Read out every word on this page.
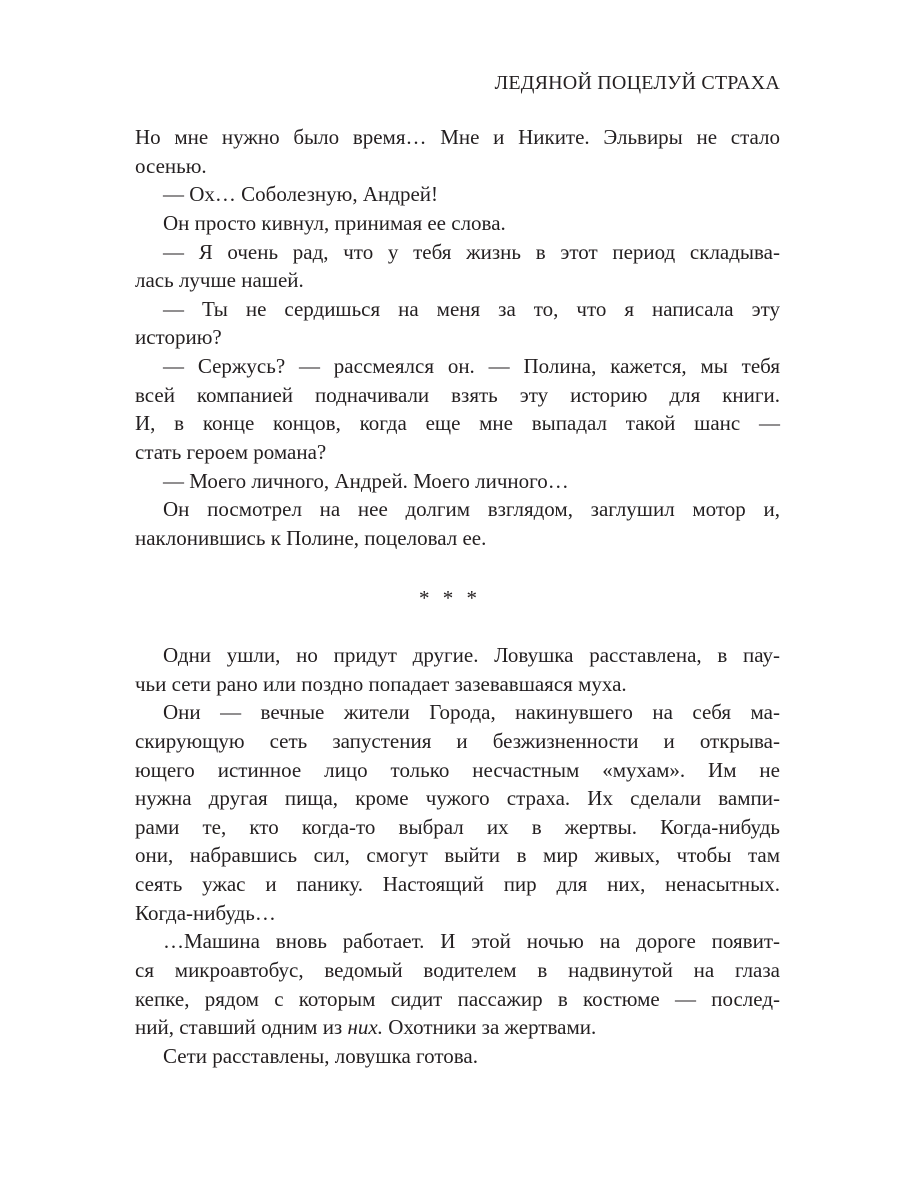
ЛЕДЯНОЙ ПОЦЕЛУЙ СТРАХА
Но мне нужно было время… Мне и Никите. Эльвиры не стало
осенью.
— Ох… Соболезную, Андрей!
Он просто кивнул, принимая ее слова.
— Я очень рад, что у тебя жизнь в этот период складыва-
лась лучше нашей.
— Ты не сердишься на меня за то, что я написала эту
историю?
— Сержусь? — рассмеялся он. — Полина, кажется, мы тебя
всей компанией подначивали взять эту историю для книги.
И, в конце концов, когда еще мне выпадал такой шанс —
стать героем романа?
— Моего личного, Андрей. Моего личного…
Он посмотрел на нее долгим взглядом, заглушил мотор и,
наклонившись к Полине, поцеловал ее.
* * *
Одни ушли, но придут другие. Ловушка расставлена, в пау-
чьи сети рано или поздно попадает зазевавшаяся муха.
Они — вечные жители Города, накинувшего на себя ма-
скирующую сеть запустения и безжизненности и открыва-
ющего истинное лицо только несчастным «мухам». Им не
нужна другая пища, кроме чужого страха. Их сделали вампи-
рами те, кто когда-то выбрал их в жертвы. Когда-нибудь
они, набравшись сил, смогут выйти в мир живых, чтобы там
сеять ужас и панику. Настоящий пир для них, ненасытных.
Когда-нибудь…
…Машина вновь работает. И этой ночью на дороге появит-
ся микроавтобус, ведомый водителем в надвинутой на глаза
кепке, рядом с которым сидит пассажир в костюме — послед-
ний, ставший одним из них. Охотники за жертвами.
Сети расставлены, ловушка готова.
